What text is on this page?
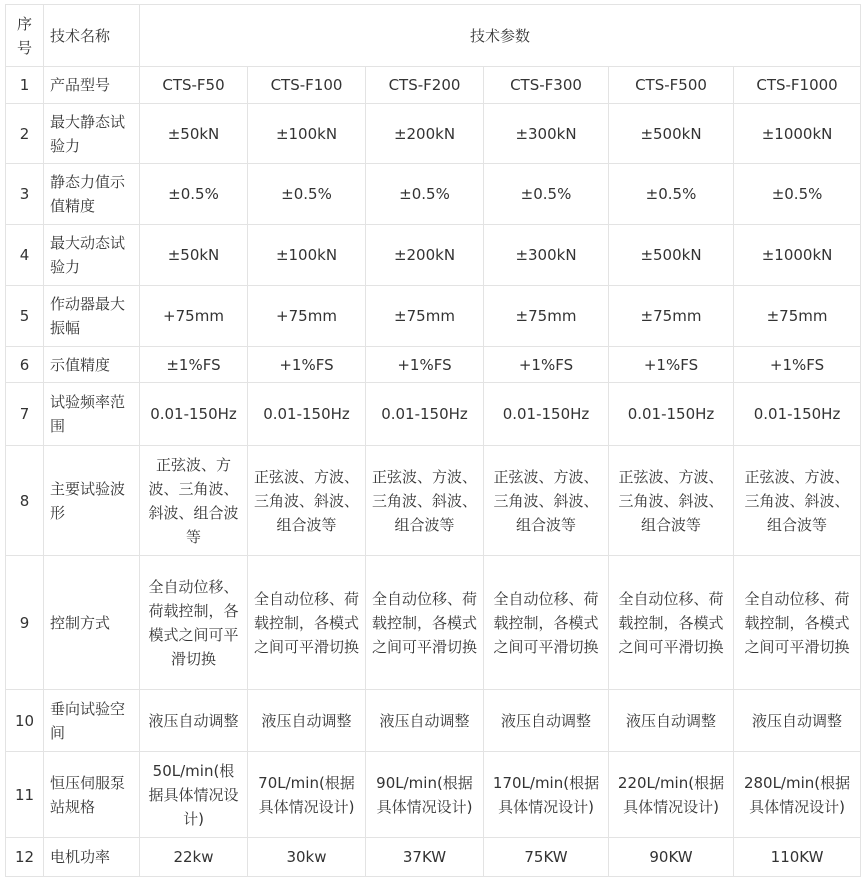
序号	技术名称	技术参数					
1	产品型号	CTS-F50	CTS-F100	CTS-F200	CTS-F300	CTS-F500	CTS-F1000
2	最大静态试验力	±50kN	±100kN	±200kN	±300kN	±500kN	±1000kN
3	静态力值示值精度	±0.5%	±0.5%	±0.5%	±0.5%	±0.5%	±0.5%
4	最大动态试验力	±50kN	±100kN	±200kN	±300kN	±500kN	±1000kN
5	作动器最大振幅	+75mm	+75mm	±75mm	±75mm	±75mm	±75mm
6	示值精度	±1%FS	+1%FS	+1%FS	+1%FS	+1%FS	+1%FS
7	试验频率范围	0.01-150Hz	0.01-150Hz	0.01-150Hz	0.01-150Hz	0.01-150Hz	0.01-150Hz
8	主要试验波形	正弦波、方波、三角波、斜波、组合波等	正弦波、方波、三角波、斜波、组合波等	正弦波、方波、三角波、斜波、组合波等	正弦波、方波、三角波、斜波、组合波等	正弦波、方波、三角波、斜波、组合波等	正弦波、方波、三角波、斜波、组合波等
9	控制方式	全自动位移、荷载控制，各模式之间可平滑切换	全自动位移、荷载控制，各模式之间可平滑切换	全自动位移、荷载控制，各模式之间可平滑切换	全自动位移、荷载控制，各模式之间可平滑切换	全自动位移、荷载控制，各模式之间可平滑切换	全自动位移、荷载控制，各模式之间可平滑切换
10	垂向试验空间	液压自动调整	液压自动调整	液压自动调整	液压自动调整	液压自动调整	液压自动调整
11	恒压伺服泵站规格	50L/min(根据具体情况设计)	70L/min(根据具体情况设计)	90L/min(根据具体情况设计)	170L/min(根据具体情况设计)	220L/min(根据具体情况设计)	280L/min(根据具体情况设计)
12	电机功率	22kw	30kw	37KW	75KW	90KW	110KW
